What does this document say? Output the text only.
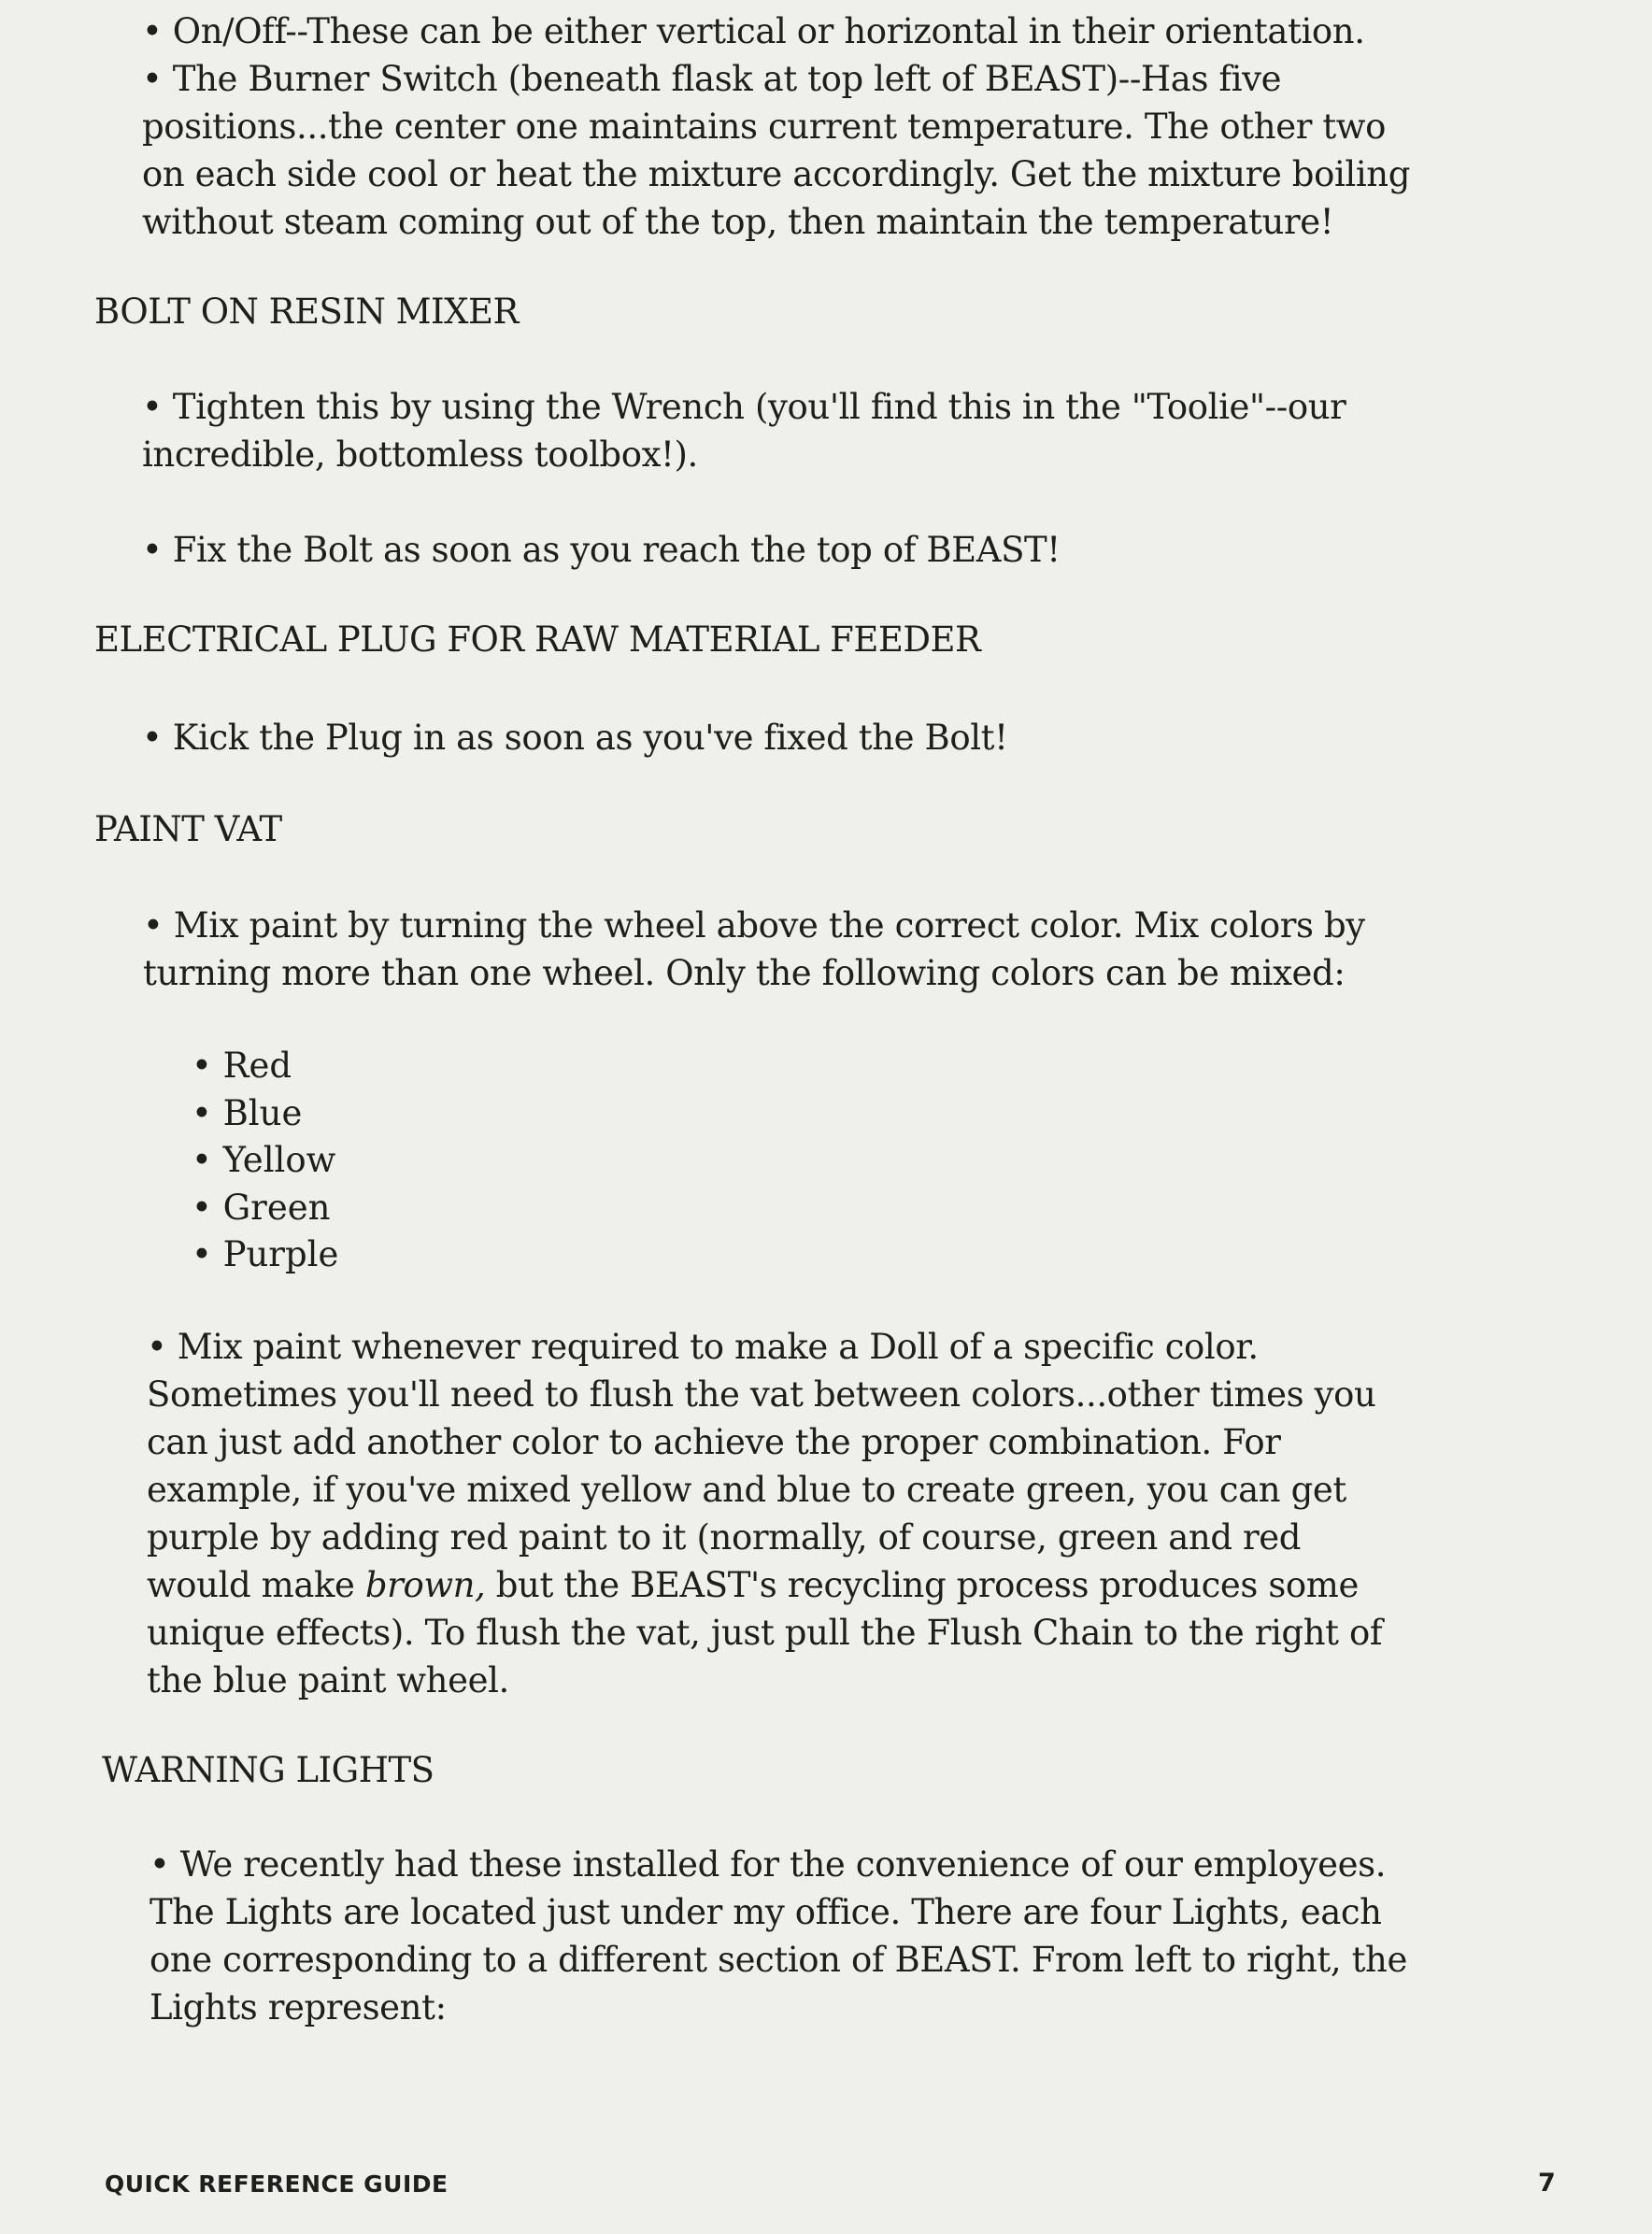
• On/Off--These can be either vertical or horizontal in their orientation.

• The Burner Switch (beneath flask at top left of BEAST)--Has five
positions...the center one maintains current temperature. The other two
on each side cool or heat the mixture accordingly. Get the mixture boiling
without steam coming out of the top, then maintain the temperature!

BOLT ON RESIN MIXER

• Tighten this by using the Wrench (you'll find this in the "Toolie"--our
incredible, bottomless toolbox!).

• Fix the Bolt as soon as you reach the top of BEAST!

ELECTRICAL PLUG FOR RAW MATERIAL FEEDER

• Kick the Plug in as soon as you've fixed the Bolt!

PAINT VAT

• Mix paint by turning the wheel above the correct color. Mix colors by
turning more than one wheel. Only the following colors can be mixed:

• Red
• Blue
• Yellow
• Green
• Purple

• Mix paint whenever required to make a Doll of a specific color.
Sometimes you'll need to flush the vat between colors...other times you
can just add another color to achieve the proper combination. For
example, if you've mixed yellow and blue to create green, you can get
purple by adding red paint to it (normally, of course, green and red
would make brown, but the BEAST's recycling process produces some
unique effects). To flush the vat, just pull the Flush Chain to the right of
the blue paint wheel.

WARNING LIGHTS

• We recently had these installed for the convenience of our employees.
The Lights are located just under my office. There are four Lights, each
one corresponding to a different section of BEAST. From left to right, the
Lights represent:

QUICK REFERENCE GUIDE	7
